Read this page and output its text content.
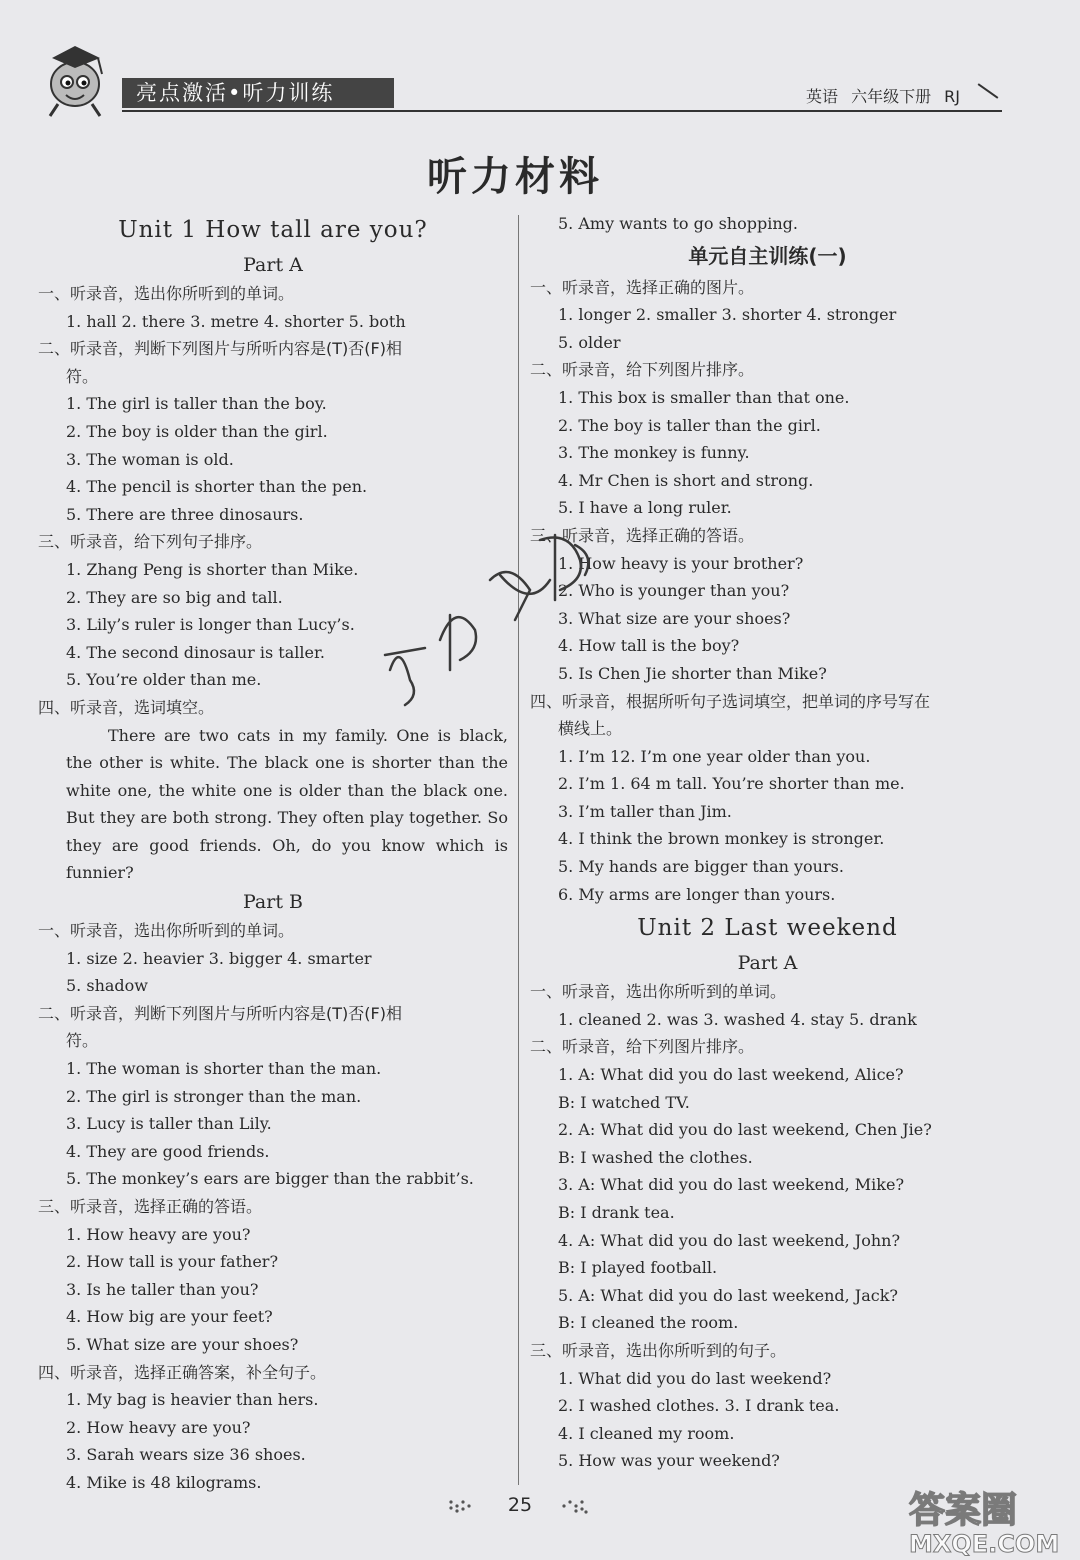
亮点激活•听力训练	英语 六年级下册 RJ
听力材料
Unit 1 How tall are you?
Part A
一、听录音，选出你所听到的单词。
1. hall 2. there 3. metre 4. shorter 5. both
二、听录音，判断下列图片与所听内容是(T)否(F)相
符。
1. The girl is taller than the boy.
2. The boy is older than the girl.
3. The woman is old.
4. The pencil is shorter than the pen.
5. There are three dinosaurs.
三、听录音，给下列句子排序。
1. Zhang Peng is shorter than Mike.
2. They are so big and tall.
3. Lily’s ruler is longer than Lucy’s.
4. The second dinosaur is taller.
5. You’re older than me.
四、听录音，选词填空。
There are two cats in my family. One is black, the other is white. The black one is shorter than the white one, the white one is older than the black one. But they are both strong. They often play together. So they are good friends. Oh, do you know which is funnier?
Part B
一、听录音，选出你所听到的单词。
1. size 2. heavier 3. bigger 4. smarter
5. shadow
二、听录音，判断下列图片与所听内容是(T)否(F)相
符。
1. The woman is shorter than the man.
2. The girl is stronger than the man.
3. Lucy is taller than Lily.
4. They are good friends.
5. The monkey’s ears are bigger than the rabbit’s.
三、听录音，选择正确的答语。
1. How heavy are you?
2. How tall is your father?
3. Is he taller than you?
4. How big are your feet?
5. What size are your shoes?
四、听录音，选择正确答案，补全句子。
1. My bag is heavier than hers.
2. How heavy are you?
3. Sarah wears size 36 shoes.
4. Mike is 48 kilograms.
5. Amy wants to go shopping.
单元自主训练(一)
一、听录音，选择正确的图片。
1. longer 2. smaller 3. shorter 4. stronger
5. older
二、听录音，给下列图片排序。
1. This box is smaller than that one.
2. The boy is taller than the girl.
3. The monkey is funny.
4. Mr Chen is short and strong.
5. I have a long ruler.
三、听录音，选择正确的答语。
1. How heavy is your brother?
2. Who is younger than you?
3. What size are your shoes?
4. How tall is the boy?
5. Is Chen Jie shorter than Mike?
四、听录音，根据所听句子选词填空，把单词的序号写在
横线上。
1. I’m 12. I’m one year older than you.
2. I’m 1. 64 m tall. You’re shorter than me.
3. I’m taller than Jim.
4. I think the brown monkey is stronger.
5. My hands are bigger than yours.
6. My arms are longer than yours.
Unit 2 Last weekend
Part A
一、听录音，选出你所听到的单词。
1. cleaned 2. was 3. washed 4. stay 5. drank
二、听录音，给下列图片排序。
1. A: What did you do last weekend, Alice?
B: I watched TV.
2. A: What did you do last weekend, Chen Jie?
B: I washed the clothes.
3. A: What did you do last weekend, Mike?
B: I drank tea.
4. A: What did you do last weekend, John?
B: I played football.
5. A: What did you do last weekend, Jack?
B: I cleaned the room.
三、听录音，选出你所听到的句子。
1. What did you do last weekend?
2. I washed clothes. 3. I drank tea.
4. I cleaned my room.
5. How was your weekend?
25	答案圈
MXQE.COM
